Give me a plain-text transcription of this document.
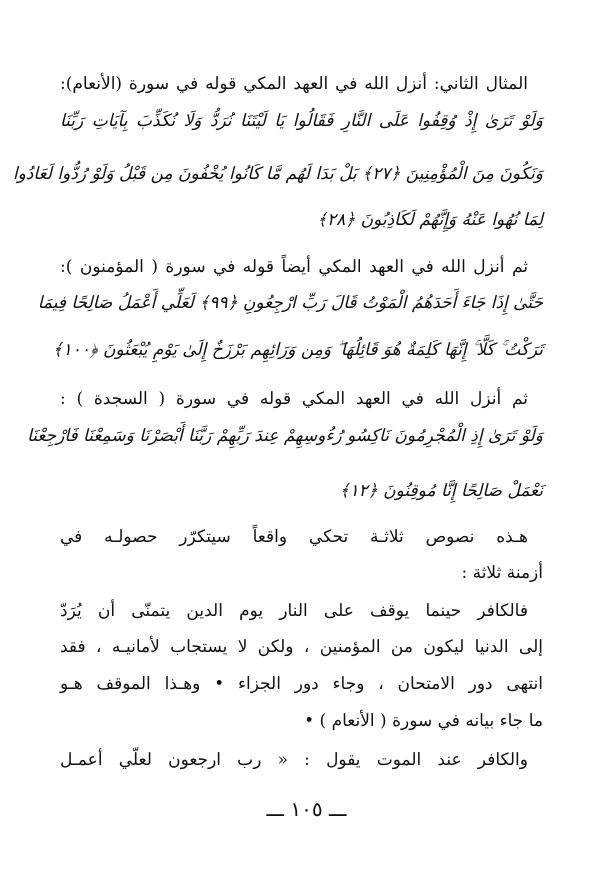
المثال الثاني: أنزل الله في العهد المكي قوله في سورة (الأنعام):
وَلَوْ تَرَىٰ إِذْ وُقِفُوا عَلَى النَّارِ فَقَالُوا يَا لَيْتَنَا نُرَدُّ وَلَا نُكَذِّبَ بِآيَاتِ رَبِّنَا
وَنَكُونَ مِنَ الْمُؤْمِنِينَ ﴿٢٧﴾ بَلْ بَدَا لَهُم مَّا كَانُوا يُخْفُونَ مِن قَبْلُ وَلَوْ رُدُّوا لَعَادُوا
لِمَا نُهُوا عَنْهُ وَإِنَّهُمْ لَكَاذِبُونَ ﴿٢٨﴾
ثم أنزل الله في العهد المكي أيضاً قوله في سورة ( المؤمنون ):
حَتَّىٰ إِذَا جَاءَ أَحَدَهُمُ الْمَوْتُ قَالَ رَبِّ ارْجِعُونِ ﴿٩٩﴾ لَعَلِّي أَعْمَلُ صَالِحًا فِيمَا
تَرَكْتُ ۚ كَلَّا ۚ إِنَّهَا كَلِمَةٌ هُوَ قَائِلُهَا ۖ وَمِن وَرَائِهِم بَرْزَخٌ إِلَىٰ يَوْمِ يُبْعَثُونَ ﴿١٠٠﴾
ثم أنزل الله في العهد المكي قوله في سورة ( السجدة ) :
وَلَوْ تَرَىٰ إِذِ الْمُجْرِمُونَ نَاكِسُو رُءُوسِهِمْ عِندَ رَبِّهِمْ رَبَّنَا أَبْصَرْنَا وَسَمِعْنَا فَارْجِعْنَا
نَعْمَلْ صَالِحًا إِنَّا مُوقِنُونَ ﴿١٢﴾
هـذه نصوص ثلاثـة تحكي واقعاً سيتكرّر حصولـه في
أزمنة ثلاثة :
فالكافر حينما يوقف على النار يوم الدين يتمنّى أن يُرَدّ
إلى الدنيا ليكون من المؤمنين ، ولكن لا يستجاب لأمانيـه ، فقد
انتهى دور الامتحان ، وجاء دور الجزاء • وهـذا الموقف هـو
ما جاء بيانه في سورة ( الأنعام ) •
والكافر عند الموت يقول : « رب ارجعون لعلّي أعمـل
ـــ ١٠٥ ـــ
